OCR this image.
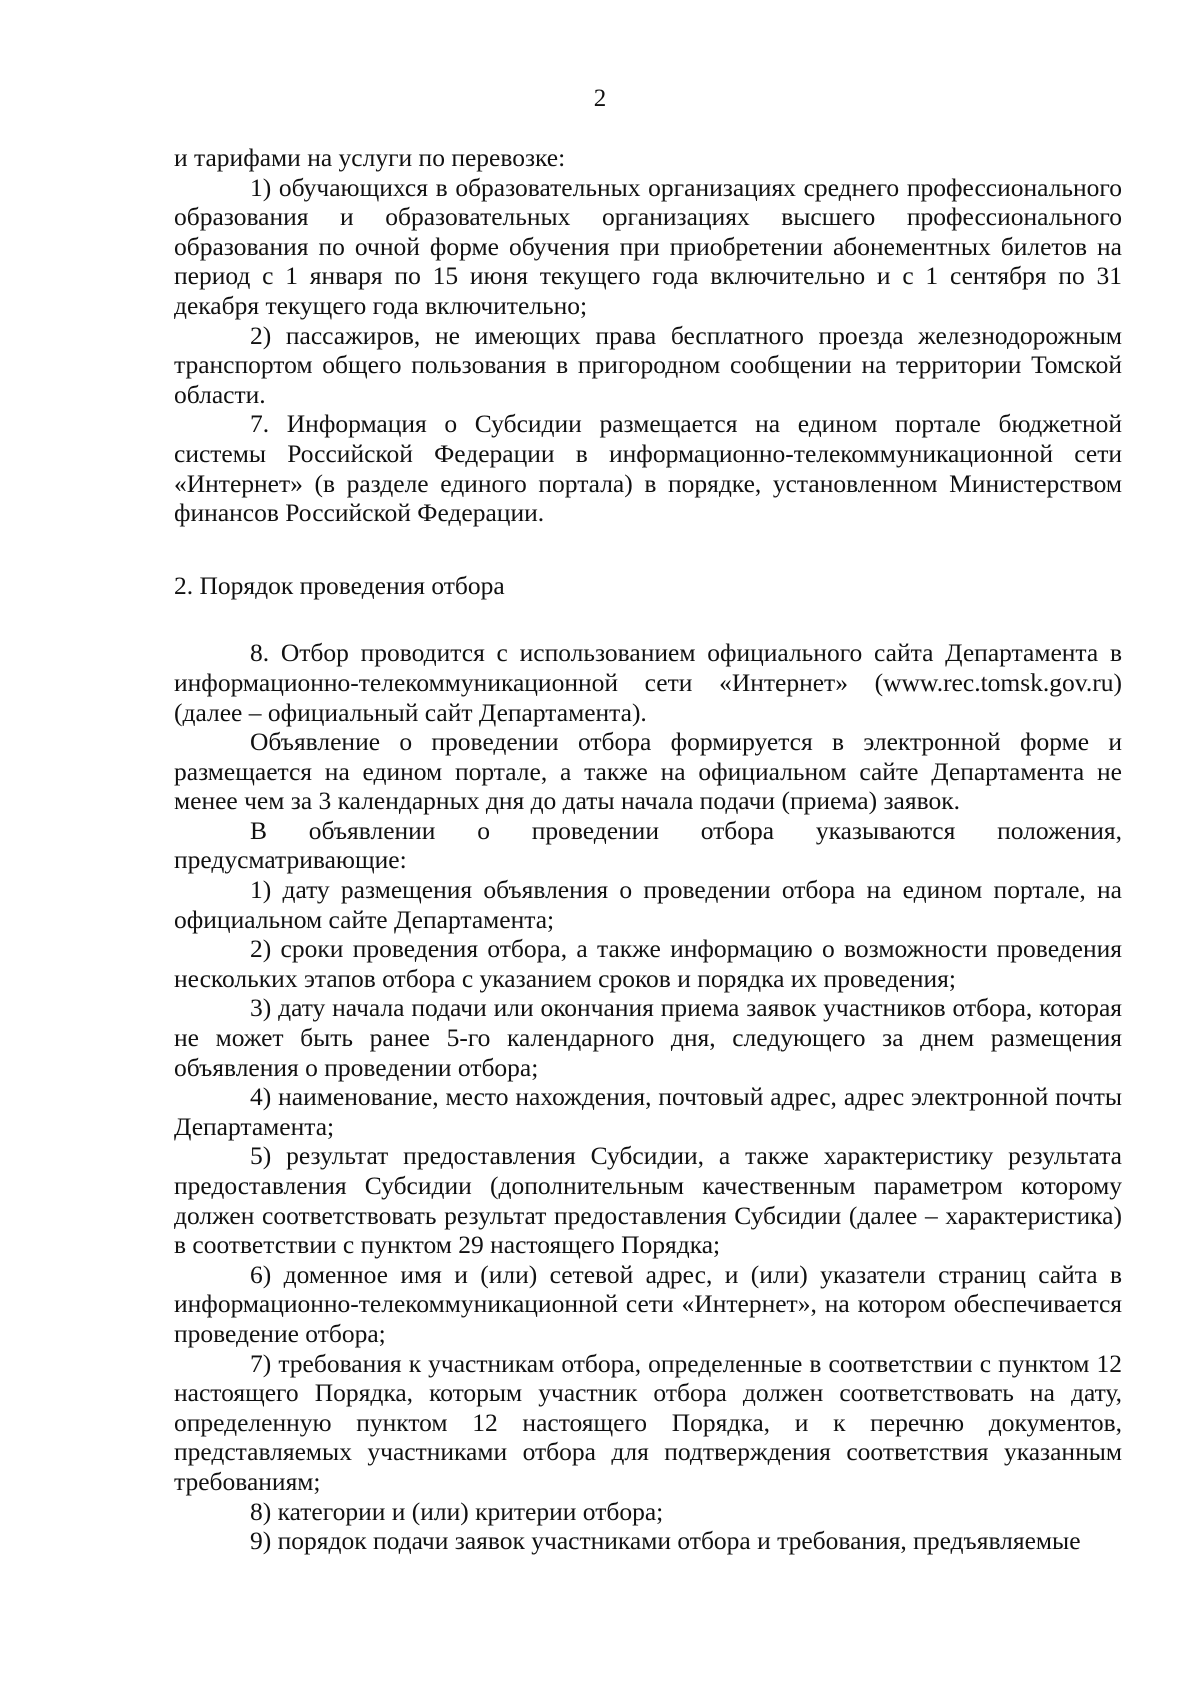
2
и тарифами на услуги по перевозке:
1) обучающихся в образовательных организациях среднего профессионального образования и образовательных организациях высшего профессионального образования по очной форме обучения при приобретении абонементных билетов на период с 1 января по 15 июня текущего года включительно и с 1 сентября по 31 декабря текущего года включительно;
2) пассажиров, не имеющих права бесплатного проезда железнодорожным транспортом общего пользования в пригородном сообщении на территории Томской области.
7. Информация о Субсидии размещается на едином портале бюджетной системы Российской Федерации в информационно-телекоммуникационной сети «Интернет» (в разделе единого портала) в порядке, установленном Министерством финансов Российской Федерации.
2. Порядок проведения отбора
8. Отбор проводится с использованием официального сайта Департамента в информационно-телекоммуникационной сети «Интернет» (www.rec.tomsk.gov.ru) (далее – официальный сайт Департамента).
Объявление о проведении отбора формируется в электронной форме и размещается на едином портале, а также на официальном сайте Департамента не менее чем за 3 календарных дня до даты начала подачи (приема) заявок.
В объявлении о проведении отбора указываются положения, предусматривающие:
1) дату размещения объявления о проведении отбора на едином портале, на официальном сайте Департамента;
2) сроки проведения отбора, а также информацию о возможности проведения нескольких этапов отбора с указанием сроков и порядка их проведения;
3) дату начала подачи или окончания приема заявок участников отбора, которая не может быть ранее 5-го календарного дня, следующего за днем размещения объявления о проведении отбора;
4) наименование, место нахождения, почтовый адрес, адрес электронной почты Департамента;
5) результат предоставления Субсидии, а также характеристику результата предоставления Субсидии (дополнительным качественным параметром которому должен соответствовать результат предоставления Субсидии (далее – характеристика) в соответствии с пунктом 29 настоящего Порядка;
6) доменное имя и (или) сетевой адрес, и (или) указатели страниц сайта в информационно-телекоммуникационной сети «Интернет», на котором обеспечивается проведение отбора;
7) требования к участникам отбора, определенные в соответствии с пунктом 12 настоящего Порядка, которым участник отбора должен соответствовать на дату, определенную пунктом 12 настоящего Порядка, и к перечню документов, представляемых участниками отбора для подтверждения соответствия указанным требованиям;
8) категории и (или) критерии отбора;
9) порядок подачи заявок участниками отбора и требования, предъявляемые
